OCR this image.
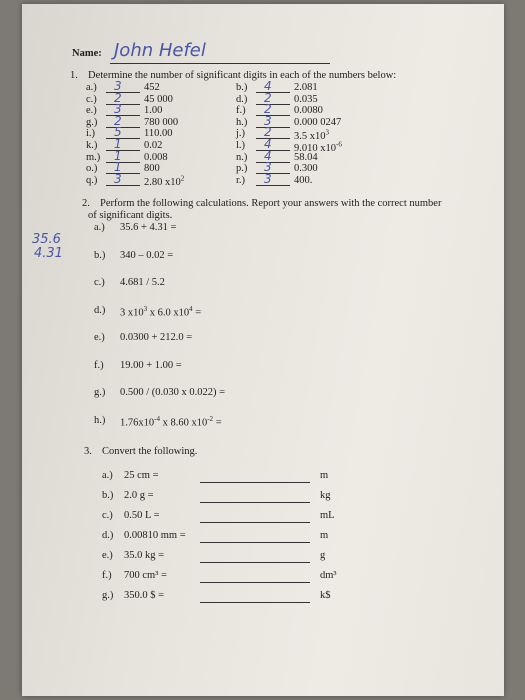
Name: John Hefel
1. Determine the number of significant digits in each of the numbers below:
a.) 3 452
c.) 2 45 000
e.) 3 1.00
g.) 2 780 000
i.) 5 110.00
k.) 1 0.02
m.) 1 0.008
o.) 1 800
q.) 3 2.80 $x10^2$
b.) 4 2.081
d.) 2 0.035
f.) 2 0.0080
h.) 3 0.000 0247
j.) 2 3.5 $x10^3$
l.) 4 9.010 $x10^{-6}$
n.) 4 58.04
p.) 3 0.300
r.) 3 400.
2. Perform the following calculations. Report your answers with the correct number
of significant digits.
35.6
4.31
a.) 35.6 + 4.31 =
b.) 340 – 0.02 =
c.) 4.681 / 5.2
d.) 3 $x10^3$ x 6.0 $x10^4$ =
e.) 0.0300 + 212.0 =
f.) 19.00 + 1.00 =
g.) 0.500 / (0.030 x 0.022) =
h.) $1.76x10^{-4}$ x 8.60 $x10^{-2}$ =
3. Convert the following.
a.) 25 cm =	m
b.) 2.0 g =	kg
c.) 0.50 L =	mL
d.) 0.00810 mm =	m
e.) 35.0 kg =	g
f.) 700 cm³ =	dm³
g.) 350.0 $ =	k$
